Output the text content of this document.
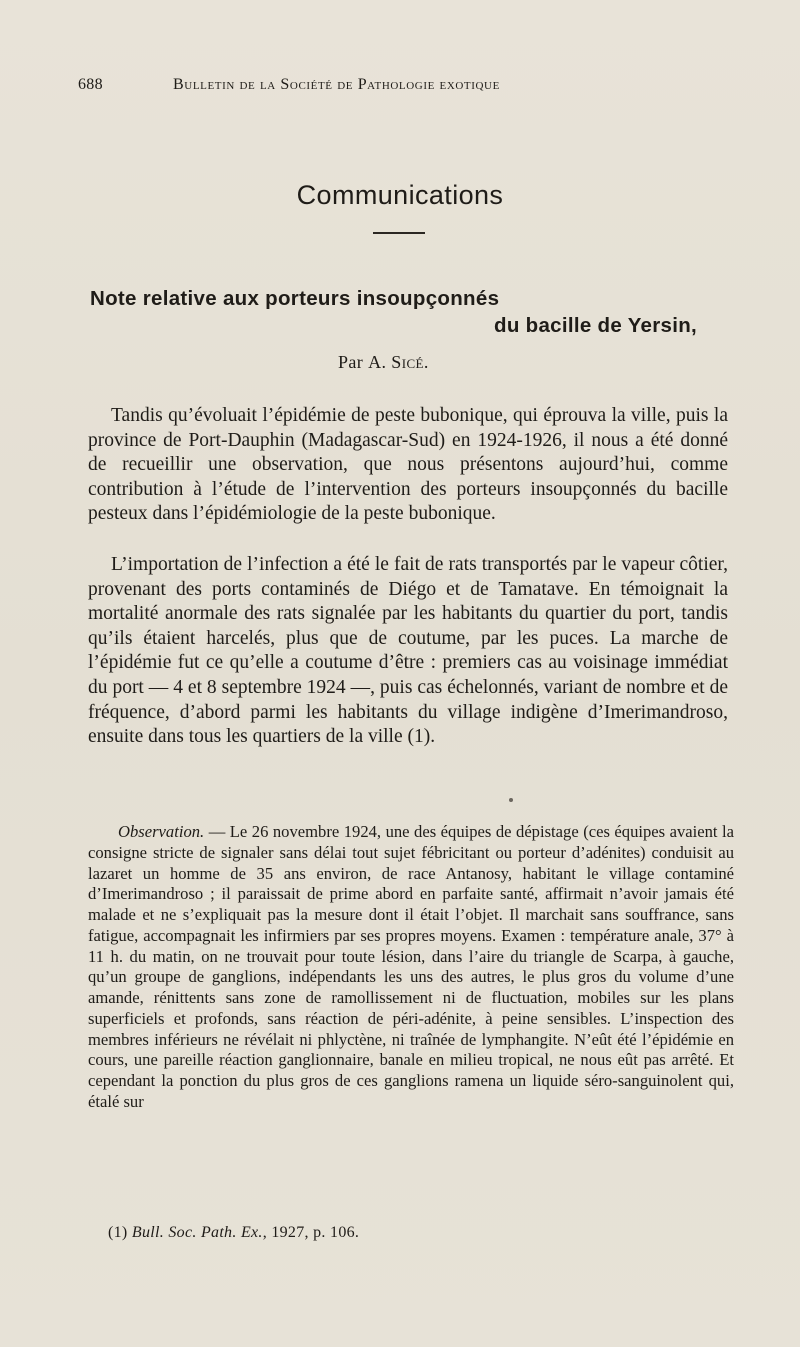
688	Bulletin de la Société de Pathologie exotique
Communications
Note relative aux porteurs insoupçonnés
du bacille de Yersin,
Par A. Sicé.

Tandis qu’évoluait l’épidémie de peste bubonique, qui éprouva la ville, puis la province de Port-Dauphin (Madagascar-Sud) en 1924-1926, il nous a été donné de recueillir une observation, que nous présentons aujourd’hui, comme contribution à l’étude de l’intervention des porteurs insoupçonnés du bacille pesteux dans l’épidémiologie de la peste bubonique.

L’importation de l’infection a été le fait de rats transportés par le vapeur côtier, provenant des ports contaminés de Diégo et de Tamatave. En témoignait la mortalité anormale des rats signalée par les habitants du quartier du port, tandis qu’ils étaient harcelés, plus que de coutume, par les puces. La marche de l’épidémie fut ce qu’elle a coutume d’être : premiers cas au voisinage immédiat du port — 4 et 8 septembre 1924 —, puis cas échelonnés, variant de nombre et de fréquence, d’abord parmi les habitants du village indigène d’Imerimandroso, ensuite dans tous les quartiers de la ville (1).

Observation. — Le 26 novembre 1924, une des équipes de dépistage (ces équipes avaient la consigne stricte de signaler sans délai tout sujet fébricitant ou porteur d’adénites) conduisit au lazaret un homme de 35 ans environ, de race Antanosy, habitant le village contaminé d’Imerimandroso ; il paraissait de prime abord en parfaite santé, affirmait n’avoir jamais été malade et ne s’expliquait pas la mesure dont il était l’objet. Il marchait sans souffrance, sans fatigue, accompagnait les infirmiers par ses propres moyens. Examen : température anale, 37° à 11 h. du matin, on ne trouvait pour toute lésion, dans l’aire du triangle de Scarpa, à gauche, qu’un groupe de ganglions, indépendants les uns des autres, le plus gros du volume d’une amande, rénittents sans zone de ramollissement ni de fluctuation, mobiles sur les plans superficiels et profonds, sans réaction de péri-adénite, à peine sensibles. L’inspection des membres inférieurs ne révélait ni phlyctène, ni traînée de lymphangite. N’eût été l’épidémie en cours, une pareille réaction ganglionnaire, banale en milieu tropical, ne nous eût pas arrêté. Et cependant la ponction du plus gros de ces ganglions ramena un liquide séro-sanguinolent qui, étalé sur

(1) Bull. Soc. Path. Ex., 1927, p. 106.
